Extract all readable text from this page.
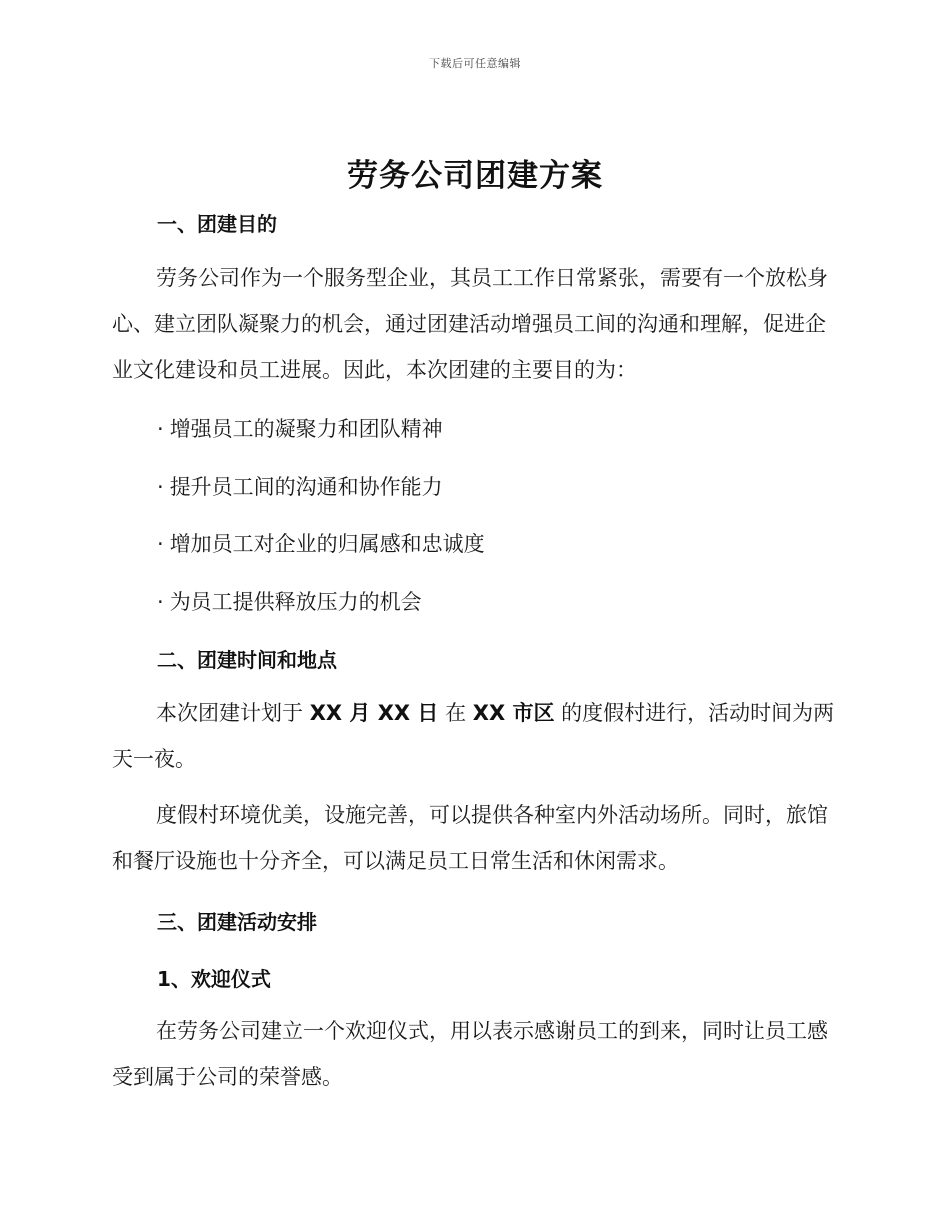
下载后可任意编辑
劳务公司团建方案
一、团建目的
劳务公司作为一个服务型企业，其员工工作日常紧张，需要有一个放松身心、建立团队凝聚力的机会，通过团建活动增强员工间的沟通和理解，促进企业文化建设和员工进展。因此，本次团建的主要目的为：
· 增强员工的凝聚力和团队精神
· 提升员工间的沟通和协作能力
· 增加员工对企业的归属感和忠诚度
· 为员工提供释放压力的机会
二、团建时间和地点
本次团建计划于 XX 月 XX 日 在 XX 市区 的度假村进行，活动时间为两天一夜。
度假村环境优美，设施完善，可以提供各种室内外活动场所。同时，旅馆和餐厅设施也十分齐全，可以满足员工日常生活和休闲需求。
三、团建活动安排
1、欢迎仪式
在劳务公司建立一个欢迎仪式，用以表示感谢员工的到来，同时让员工感受到属于公司的荣誉感。
